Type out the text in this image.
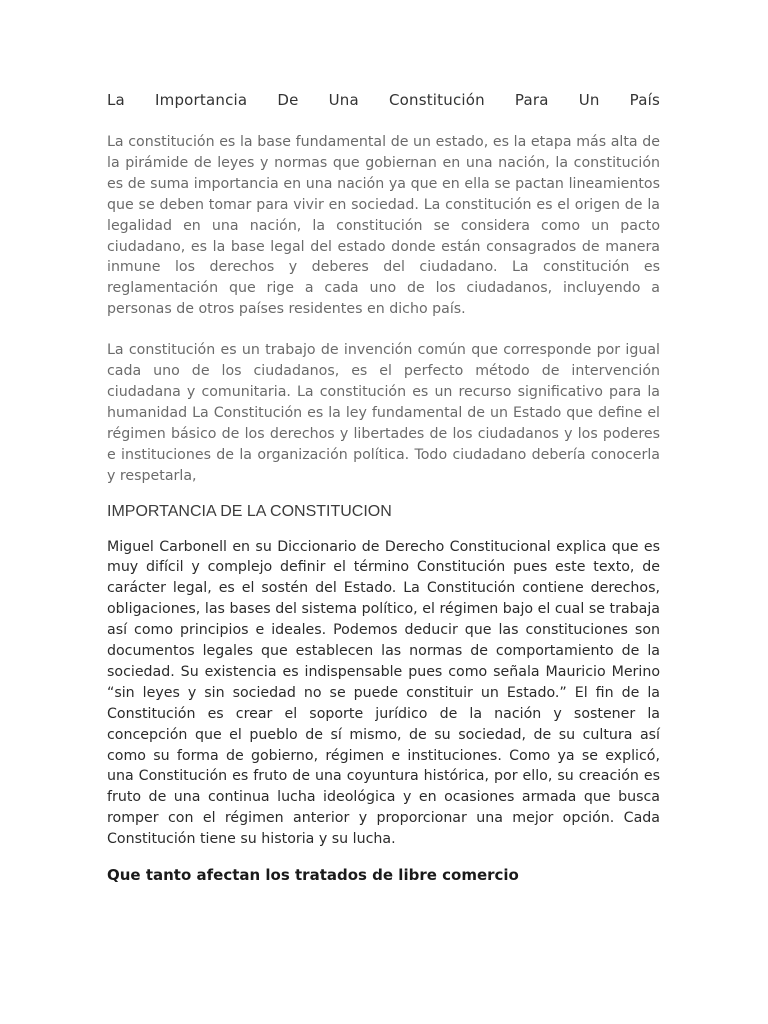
La Importancia De Una Constitución Para Un País

La constitución es la base fundamental de un estado, es la etapa más alta de la pirámide de leyes y normas que gobiernan en una nación, la constitución es de suma importancia en una nación ya que en ella se pactan lineamientos que se deben tomar para vivir en sociedad. La constitución es el origen de la legalidad en una nación, la constitución se considera como un pacto ciudadano, es la base legal del estado donde están consagrados de manera inmune los derechos y deberes del ciudadano. La constitución es reglamentación que rige a cada uno de los ciudadanos, incluyendo a personas de otros países residentes en dicho país.

La constitución es un trabajo de invención común que corresponde por igual cada uno de los ciudadanos, es el perfecto método de intervención ciudadana y comunitaria. La constitución es un recurso significativo para la humanidad La Constitución es la ley fundamental de un Estado que define el régimen básico de los derechos y libertades de los ciudadanos y los poderes e instituciones de la organización política. Todo ciudadano debería conocerla y respetarla,

IMPORTANCIA DE LA CONSTITUCION

Miguel Carbonell en su Diccionario de Derecho Constitucional explica que es muy difícil y complejo definir el término Constitución pues este texto, de carácter legal, es el sostén del Estado. La Constitución contiene derechos, obligaciones, las bases del sistema político, el régimen bajo el cual se trabaja así como principios e ideales. Podemos deducir que las constituciones son documentos legales que establecen las normas de comportamiento de la sociedad. Su existencia es indispensable pues como señala Mauricio Merino “sin leyes y sin sociedad no se puede constituir un Estado.” El fin de la Constitución es crear el soporte jurídico de la nación y sostener la concepción que el pueblo de sí mismo, de su sociedad, de su cultura así como su forma de gobierno, régimen e instituciones. Como ya se explicó, una Constitución es fruto de una coyuntura histórica, por ello, su creación es fruto de una continua lucha ideológica y en ocasiones armada que busca romper con el régimen anterior y proporcionar una mejor opción. Cada Constitución tiene su historia y su lucha.

Que tanto afectan los tratados de libre comercio
